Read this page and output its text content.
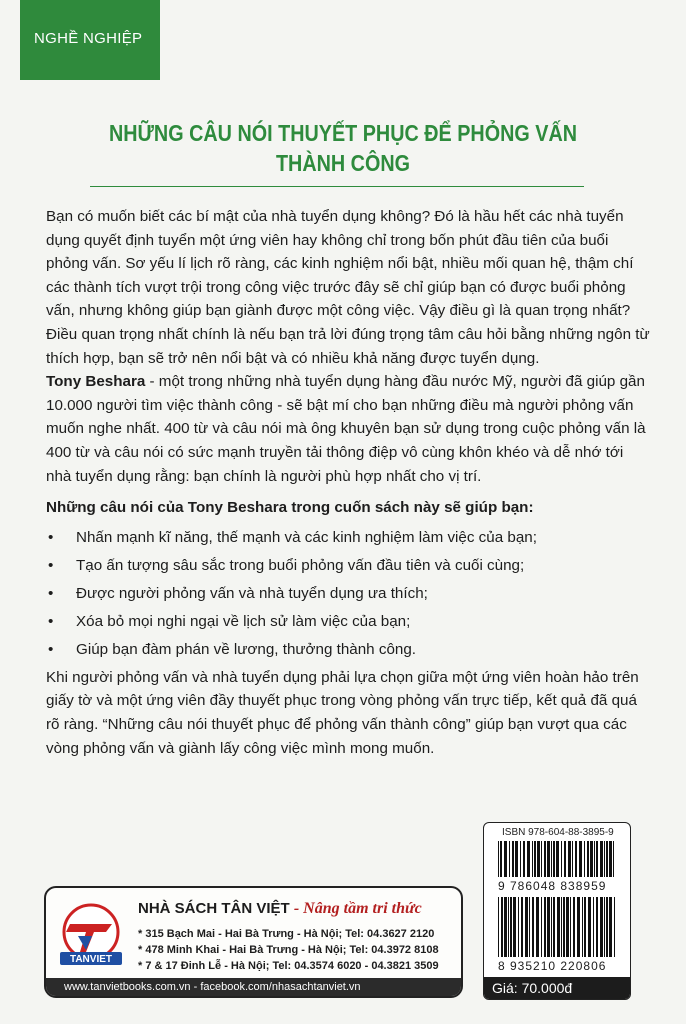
NGHỀ NGHIỆP
NHỮNG CÂU NÓI THUYẾT PHỤC ĐỂ PHỎNG VẤN
THÀNH CÔNG

Bạn có muốn biết các bí mật của nhà tuyển dụng không? Đó là hầu hết các nhà tuyển dụng quyết định tuyển một ứng viên hay không chỉ trong bốn phút đầu tiên của buổi phỏng vấn. Sơ yếu lí lịch rõ ràng, các kinh nghiệm nổi bật, nhiều mối quan hệ, thậm chí các thành tích vượt trội trong công việc trước đây sẽ chỉ giúp bạn có được buổi phỏng vấn, nhưng không giúp bạn giành được một công việc. Vậy điều gì là quan trọng nhất? Điều quan trọng nhất chính là nếu bạn trả lời đúng trọng tâm câu hỏi bằng những ngôn từ thích hợp, bạn sẽ trở nên nổi bật và có nhiều khả năng được tuyển dụng.

Tony Beshara - một trong những nhà tuyển dụng hàng đầu nước Mỹ, người đã giúp gần 10.000 người tìm việc thành công - sẽ bật mí cho bạn những điều mà người phỏng vấn muốn nghe nhất. 400 từ và câu nói mà ông khuyên bạn sử dụng trong cuộc phỏng vấn là 400 từ và câu nói có sức mạnh truyền tải thông điệp vô cùng khôn khéo và dễ nhớ tới nhà tuyển dụng rằng: bạn chính là người phù hợp nhất cho vị trí.

Những câu nói của Tony Beshara trong cuốn sách này sẽ giúp bạn:

• Nhấn mạnh kĩ năng, thế mạnh và các kinh nghiệm làm việc của bạn;
• Tạo ấn tượng sâu sắc trong buổi phỏng vấn đầu tiên và cuối cùng;
• Được người phỏng vấn và nhà tuyển dụng ưa thích;
• Xóa bỏ mọi nghi ngại về lịch sử làm việc của bạn;
• Giúp bạn đàm phán về lương, thưởng thành công.

Khi người phỏng vấn và nhà tuyển dụng phải lựa chọn giữa một ứng viên hoàn hảo trên giấy tờ và một ứng viên đầy thuyết phục trong vòng phỏng vấn trực tiếp, kết quả đã quá rõ ràng. “Những câu nói thuyết phục để phỏng vấn thành công” giúp bạn vượt qua các vòng phỏng vấn và giành lấy công việc mình mong muốn.

TANVIET
NHÀ SÁCH TÂN VIỆT - Nâng tầm tri thức
* 315 Bạch Mai - Hai Bà Trưng - Hà Nội; Tel: 04.3627 2120
* 478 Minh Khai - Hai Bà Trưng - Hà Nội; Tel: 04.3972 8108
* 7 & 17 Đinh Lễ - Hà Nội; Tel: 04.3574 6020 - 04.3821 3509
www.tanvietbooks.com.vn - facebook.com/nhasachtanviet.vn
ISBN 978-604-88-3895-9
9 786048 838959
8 935210 220806
Giá: 70.000đ
